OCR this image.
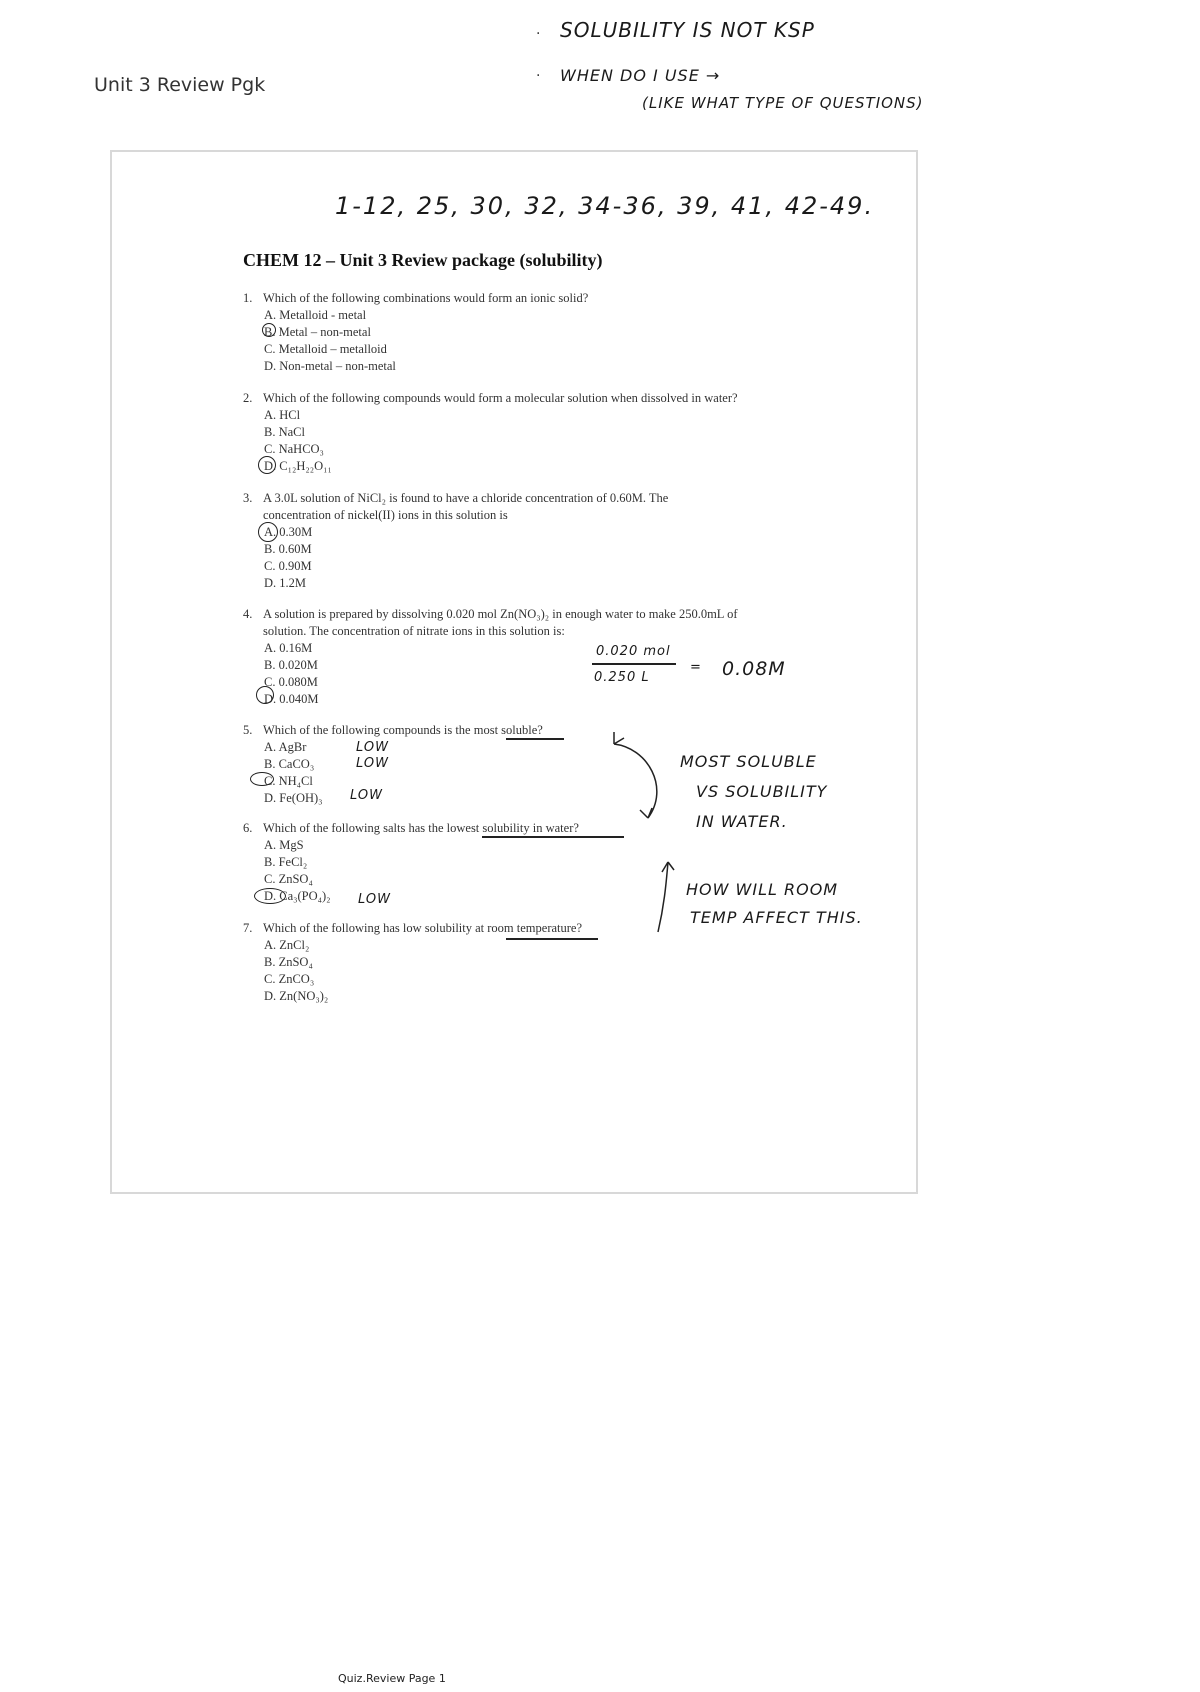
Unit 3 Review Pgk
· SOLUBILITY IS NOT KSP
· WHEN DO I USE →
(LIKE WHAT TYPE OF QUESTIONS)
1-12, 25, 30, 32, 34-36, 39, 41, 42-49.
CHEM 12 – Unit 3 Review package (solubility)
1. Which of the following combinations would form an ionic solid?
A. Metalloid - metal
B. Metal – non-metal
C. Metalloid – metalloid
D. Non-metal – non-metal
2. Which of the following compounds would form a molecular solution when dissolved in water?
A. HCl
B. NaCl
C. NaHCO₃
D. C₁₂H₂₂O₁₁
3. A 3.0L solution of NiCl₂ is found to have a chloride concentration of 0.60M. The
concentration of nickel(II) ions in this solution is
A. 0.30M
B. 0.60M
C. 0.90M
D. 1.2M
4. A solution is prepared by dissolving 0.020 mol Zn(NO₃)₂ in enough water to make 250.0mL of
solution. The concentration of nitrate ions in this solution is:
A. 0.16M
B. 0.020M
C. 0.080M
D. 0.040M
0.020 mol
0.250 L
= 0.08M
5. Which of the following compounds is the most soluble?
A. AgBr
B. CaCO₃
C. NH₄Cl
D. Fe(OH)₃
LOW
LOW
LOW
MOST SOLUBLE
VS SOLUBILITY
IN WATER.
6. Which of the following salts has the lowest solubility in water?
A. MgS
B. FeCl₂
C. ZnSO₄
D. Ca₃(PO₄)₂	LOW
HOW WILL ROOM
TEMP AFFECT THIS.
7. Which of the following has low solubility at room temperature?
A. ZnCl₂
B. ZnSO₄
C. ZnCO₃
D. Zn(NO₃)₂
Quiz.Review Page 1
